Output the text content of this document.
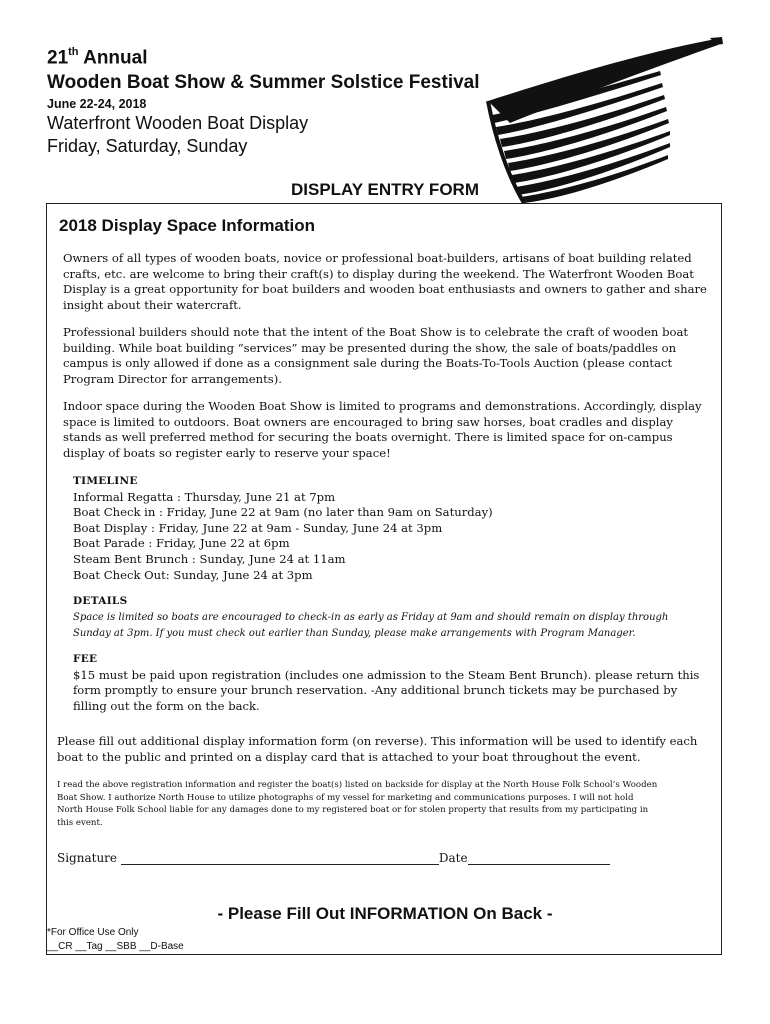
21th Annual
Wooden Boat Show & Summer Solstice Festival
June 22-24, 2018
Waterfront Wooden Boat Display
Friday, Saturday, Sunday
DISPLAY ENTRY FORM
2018 Display Space Information
Owners of all types of wooden boats, novice or professional boat-builders, artisans of boat building related
crafts, etc. are welcome to bring their craft(s) to display during the weekend. The Waterfront Wooden Boat
Display is a great opportunity for boat builders and wooden boat enthusiasts and owners to gather and share
insight about their watercraft.
Professional builders should note that the intent of the Boat Show is to celebrate the craft of wooden boat
building. While boat building “services” may be presented during the show, the sale of boats/paddles on
campus is only allowed if done as a consignment sale during the Boats-To-Tools Auction (please contact
Program Director for arrangements).
Indoor space during the Wooden Boat Show is limited to programs and demonstrations. Accordingly, display
space is limited to outdoors. Boat owners are encouraged to bring saw horses, boat cradles and display
stands as well preferred method for securing the boats overnight. There is limited space for on-campus
display of boats so register early to reserve your space!
TIMELINE
Informal Regatta : Thursday, June 21 at 7pm
Boat Check in : Friday, June 22 at 9am (no later than 9am on Saturday)
Boat Display : Friday, June 22 at 9am - Sunday, June 24 at 3pm
Boat Parade : Friday, June 22 at 6pm
Steam Bent Brunch : Sunday, June 24 at 11am
Boat Check Out: Sunday, June 24 at 3pm
DETAILS
Space is limited so boats are encouraged to check-in as early as Friday at 9am and should remain on display through
Sunday at 3pm. If you must check out earlier than Sunday, please make arrangements with Program Manager.
FEE
$15 must be paid upon registration (includes one admission to the Steam Bent Brunch). please return this
form promptly to ensure your brunch reservation. -Any additional brunch tickets may be purchased by
filling out the form on the back.
Please fill out additional display information form (on reverse). This information will be used to identify each
boat to the public and printed on a display card that is attached to your boat throughout the event.
I read the above registration information and register the boat(s) listed on backside for display at the North House Folk School’s Wooden
Boat Show. I authorize North House to utilize photographs of my vessel for marketing and communications purposes. I will not hold
North House Folk School liable for any damages done to my registered boat or for stolen property that results from my participating in
this event.
Signature	Date
- Please Fill Out INFORMATION On Back -
*For Office Use Only
__CR __Tag __SBB __D-Base
